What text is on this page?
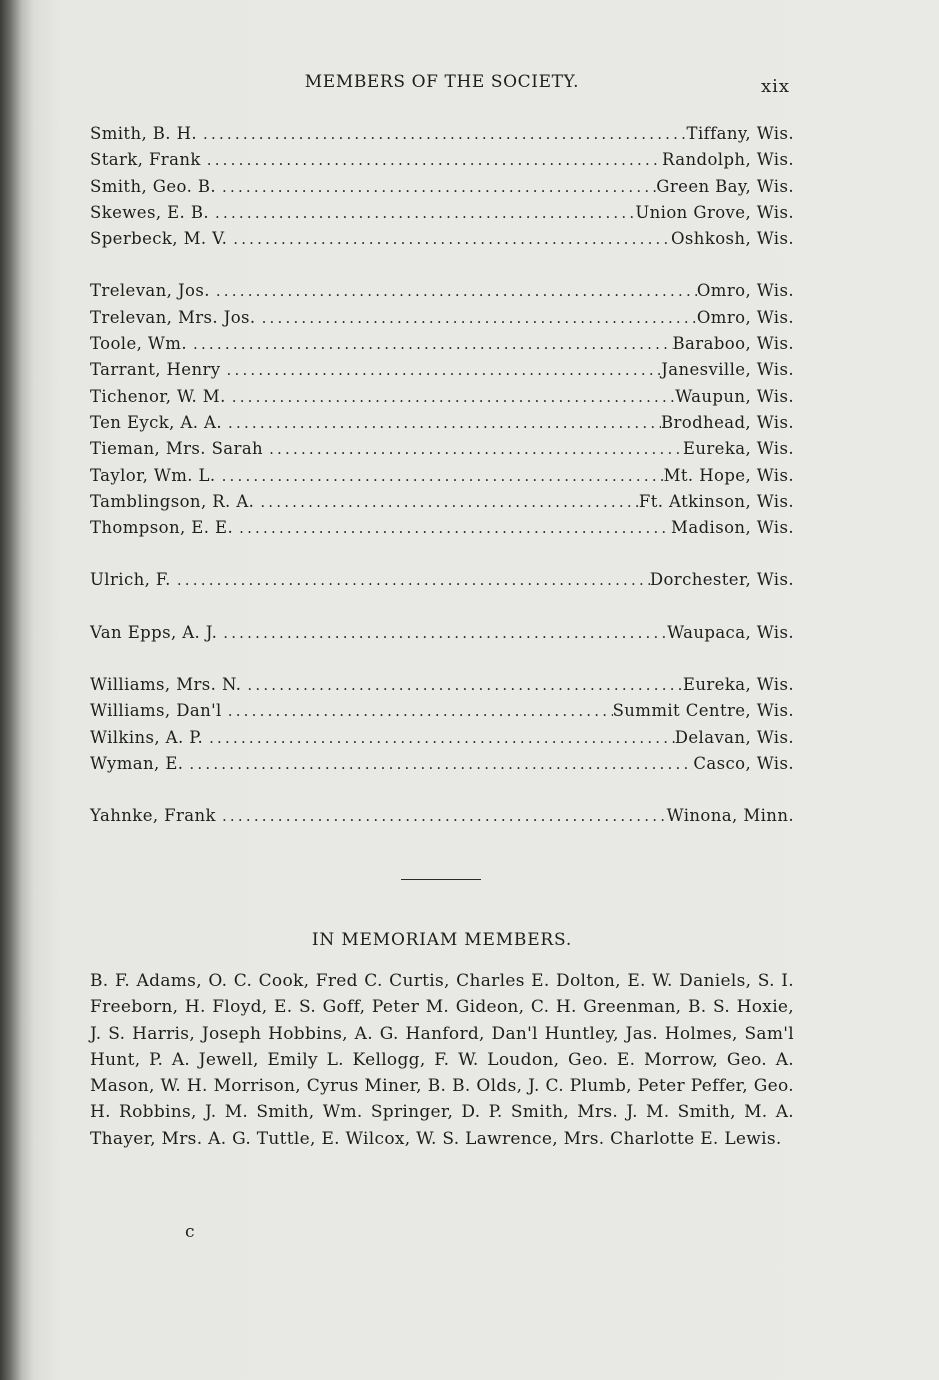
MEMBERS OF THE SOCIETY.	xix
Smith, B. H. .....	Tiffany, Wis.
Stark, Frank .....	Randolph, Wis.
Smith, Geo. B. .....	Green Bay, Wis.
Skewes, E. B. .....	Union Grove, Wis.
Sperbeck, M. V. .....	Oshkosh, Wis.
Trelevan, Jos. .....	Omro, Wis.
Trelevan, Mrs. Jos. .....	Omro, Wis.
Toole, Wm. .....	Baraboo, Wis.
Tarrant, Henry .....	Janesville, Wis.
Tichenor, W. M. .....	Waupun, Wis.
Ten Eyck, A. A. .....	Brodhead, Wis.
Tieman, Mrs. Sarah .....	Eureka, Wis.
Taylor, Wm. L. .....	Mt. Hope, Wis.
Tamblingson, R. A. .....	Ft. Atkinson, Wis.
Thompson, E. E. .....	Madison, Wis.
Ulrich, F. .....	Dorchester, Wis.
Van Epps, A. J. .....	Waupaca, Wis.
Williams, Mrs. N. .....	Eureka, Wis.
Williams, Dan'l .....	Summit Centre, Wis.
Wilkins, A. P. .....	Delavan, Wis.
Wyman, E. .....	Casco, Wis.
Yahnke, Frank .....	Winona, Minn.
IN MEMORIAM MEMBERS.
B. F. Adams, O. C. Cook, Fred C. Curtis, Charles E. Dolton, E. W. Daniels, S. I. Freeborn, H. Floyd, E. S. Goff, Peter M. Gideon, C. H. Greenman, B. S. Hoxie, J. S. Harris, Joseph Hobbins, A. G. Hanford, Dan'l Huntley, Jas. Holmes, Sam'l Hunt, P. A. Jewell, Emily L. Kellogg, F. W. Loudon, Geo. E. Morrow, Geo. A. Mason, W. H. Morrison, Cyrus Miner, B. B. Olds, J. C. Plumb, Peter Peffer, Geo. H. Robbins, J. M. Smith, Wm. Springer, D. P. Smith, Mrs. J. M. Smith, M. A. Thayer, Mrs. A. G. Tuttle, E. Wilcox, W. S. Lawrence, Mrs. Charlotte E. Lewis.
c
